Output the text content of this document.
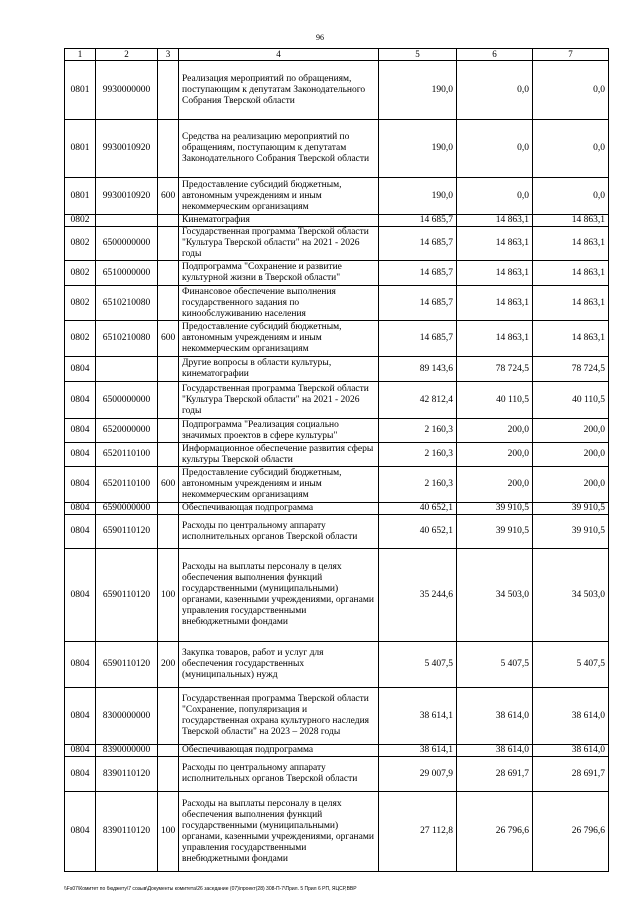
96
1	2	3	4	5	6	7
0801	9930000000		Реализация мероприятий по обращениям, поступающим к депутатам Законодательного Собрания Тверской области	190,0	0,0	0,0
0801	9930010920		Средства на реализацию мероприятий по обращениям, поступающим к депутатам Законодательного Собрания Тверской области	190,0	0,0	0,0
0801	9930010920	600	Предоставление субсидий бюджетным, автономным учреждениям и иным некоммерческим организациям	190,0	0,0	0,0
0802			Кинематография	14 685,7	14 863,1	14 863,1
0802	6500000000		Государственная программа Тверской области "Культура Тверской области" на 2021 - 2026 годы	14 685,7	14 863,1	14 863,1
0802	6510000000		Подпрограмма "Сохранение и развитие культурной жизни в Тверской области"	14 685,7	14 863,1	14 863,1
0802	6510210080		Финансовое обеспечение выполнения государственного задания по кинообслуживанию населения	14 685,7	14 863,1	14 863,1
0802	6510210080	600	Предоставление субсидий бюджетным, автономным учреждениям и иным некоммерческим организациям	14 685,7	14 863,1	14 863,1
0804			Другие вопросы в области культуры, кинематографии	89 143,6	78 724,5	78 724,5
0804	6500000000		Государственная программа Тверской области "Культура Тверской области" на 2021 - 2026 годы	42 812,4	40 110,5	40 110,5
0804	6520000000		Подпрограмма "Реализация социально значимых проектов в сфере культуры"	2 160,3	200,0	200,0
0804	6520110100		Информационное обеспечение развития сферы культуры Тверской области	2 160,3	200,0	200,0
0804	6520110100	600	Предоставление субсидий бюджетным, автономным учреждениям и иным некоммерческим организациям	2 160,3	200,0	200,0
0804	6590000000		Обеспечивающая подпрограмма	40 652,1	39 910,5	39 910,5
0804	6590110120		Расходы по центральному аппарату исполнительных органов Тверской области	40 652,1	39 910,5	39 910,5
0804	6590110120	100	Расходы на выплаты персоналу в целях обеспечения выполнения функций государственными (муниципальными) органами, казенными учреждениями, органами управления государственными внебюджетными фондами	35 244,6	34 503,0	34 503,0
0804	6590110120	200	Закупка товаров, работ и услуг для обеспечения государственных (муниципальных) нужд	5 407,5	5 407,5	5 407,5
0804	8300000000		Государственная программа Тверской области "Сохранение, популяризация и государственная охрана культурного наследия Тверской области" на 2023 – 2028 годы	38 614,1	38 614,0	38 614,0
0804	8390000000		Обеспечивающая подпрограмма	38 614,1	38 614,0	38 614,0
0804	8390110120		Расходы по центральному аппарату исполнительных органов Тверской области	29 007,9	28 691,7	28 691,7
0804	8390110120	100	Расходы на выплаты персоналу в целях обеспечения выполнения функций государственными (муниципальными) органами, казенными учреждениями, органами управления государственными внебюджетными фондами	27 112,8	26 796,6	26 796,6
\\Fs07\Комитет по бюджету\7 созыв\Документы комитета\26 заседание (07)\проект(28) 308-П-7\Прил. 5 Прил 6 РП, ЯЦСР,ВВР
